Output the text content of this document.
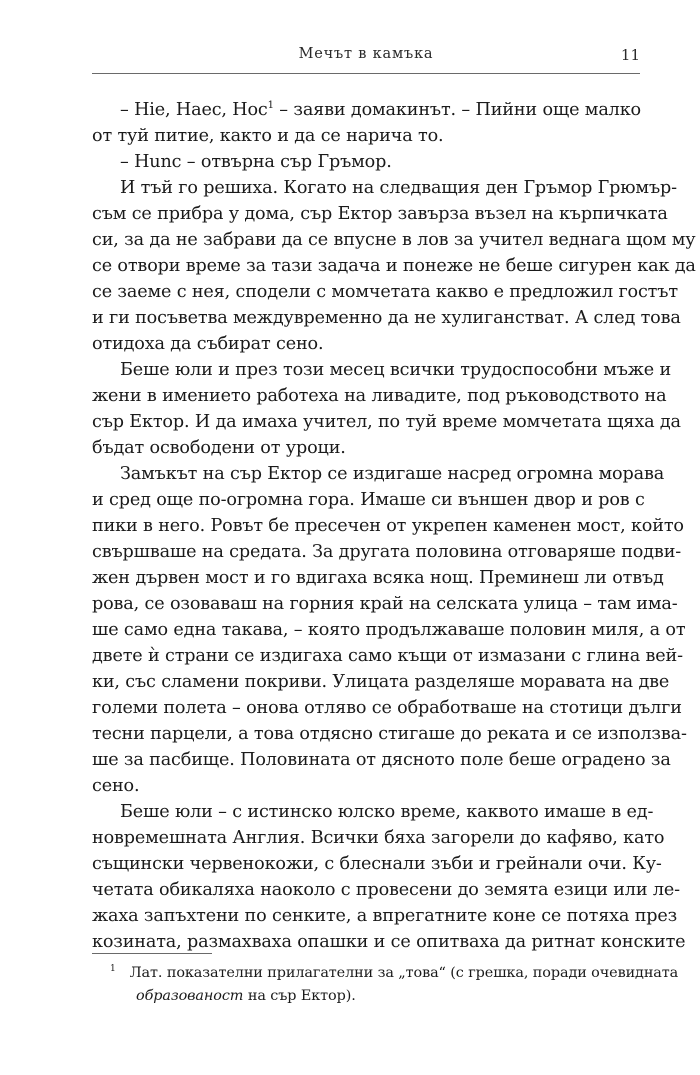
Мечът в камъка	11
– Hie, Haec, Hoc$^1$ – заяви домакинът. – Пийни още малко
от туй питие, както и да се нарича то.
– Hunc – отвърна сър Гръмор.
И тъй го решиха. Когато на следващия ден Гръмор Грюмър-
съм се прибра у дома, сър Ектор завърза възел на кърпичката
си, за да не забрави да се впусне в лов за учител веднага щом му
се отвори време за тази задача и понеже не беше сигурен как да
се заеме с нея, сподели с момчетата какво е предложил гостът
и ги посъветва междувременно да не хулиганстват. А след това
отидоха да събират сено.
Беше юли и през този месец всички трудоспособни мъже и
жени в имението работеха на ливадите, под ръководството на
сър Ектор. И да имаха учител, по туй време момчетата щяха да
бъдат освободени от уроци.
Замъкът на сър Ектор се издигаше насред огромна морава
и сред още по-огромна гора. Имаше си външен двор и ров с
пики в него. Ровът бе пресечен от укрепен каменен мост, който
свършваше на средата. За другата половина отговаряше подви-
жен дървен мост и го вдигаха всяка нощ. Преминеш ли отвъд
рова, се озоваваш на горния край на селската улица – там има-
ше само една такава, – която продължаваше половин миля, а от
двете ѝ страни се издигаха само къщи от измазани с глина вей-
ки, със сламени покриви. Улицата разделяше моравата на две
големи полета – онова отляво се обработваше на стотици дълги
тесни парцели, а това отдясно стигаше до реката и се използва-
ше за пасбище. Половината от дясното поле беше оградено за
сено.
Беше юли – с истинско юлско време, каквото имаше в ед-
новремешната Англия. Всички бяха загорели до кафяво, като
същински червенокожи, с блеснали зъби и грейнали очи. Ку-
четата обикаляха наоколо с провесени до земята езици или ле-
жаха запъхтени по сенките, а впрегатните коне се потяха през
козината, размахваха опашки и се опитваха да ритнат конските
$^1$ Лат. показателни прилагателни за „това“ (с грешка, поради очевидната
образованост на сър Ектор).
